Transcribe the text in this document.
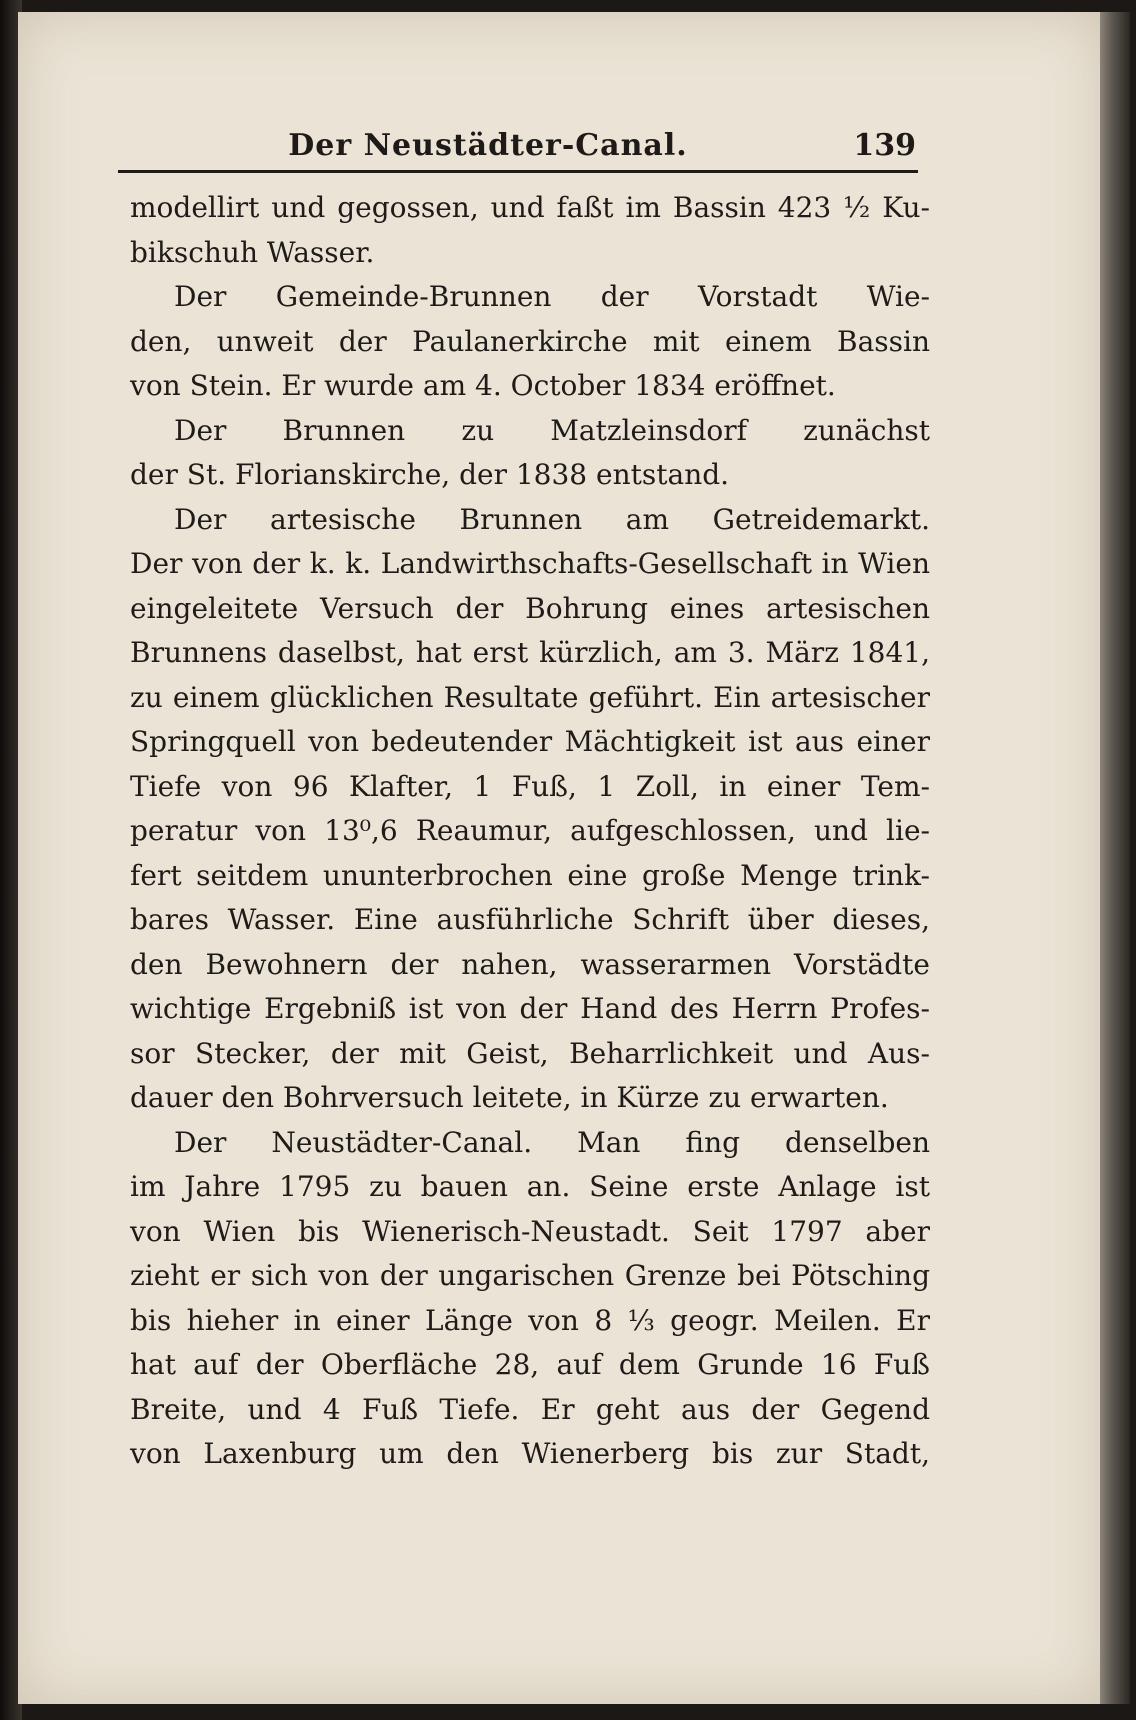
Der Neustädter-Canal.	139
modellirt und gegossen, und faßt im Bassin 423 ½ Ku-
bikschuh Wasser.
Der Gemeinde-Brunnen der Vorstadt Wie-
den, unweit der Paulanerkirche mit einem Bassin
von Stein. Er wurde am 4. October 1834 eröffnet.
Der Brunnen zu Matzleinsdorf zunächst
der St. Florianskirche, der 1838 entstand.
Der artesische Brunnen am Getreidemarkt.
Der von der k. k. Landwirthschafts-Gesellschaft in Wien
eingeleitete Versuch der Bohrung eines artesischen
Brunnens daselbst, hat erst kürzlich, am 3. März 1841,
zu einem glücklichen Resultate geführt. Ein artesischer
Springquell von bedeutender Mächtigkeit ist aus einer
Tiefe von 96 Klafter, 1 Fuß, 1 Zoll, in einer Tem-
peratur von 13⁰,6 Reaumur, aufgeschlossen, und lie-
fert seitdem ununterbrochen eine große Menge trink-
bares Wasser. Eine ausführliche Schrift über dieses,
den Bewohnern der nahen, wasserarmen Vorstädte
wichtige Ergebniß ist von der Hand des Herrn Profes-
sor Stecker, der mit Geist, Beharrlichkeit und Aus-
dauer den Bohrversuch leitete, in Kürze zu erwarten.
Der Neustädter-Canal. Man fing denselben
im Jahre 1795 zu bauen an. Seine erste Anlage ist
von Wien bis Wienerisch-Neustadt. Seit 1797 aber
zieht er sich von der ungarischen Grenze bei Pötsching
bis hieher in einer Länge von 8 ⅓ geogr. Meilen. Er
hat auf der Oberfläche 28, auf dem Grunde 16 Fuß
Breite, und 4 Fuß Tiefe. Er geht aus der Gegend
von Laxenburg um den Wienerberg bis zur Stadt,
